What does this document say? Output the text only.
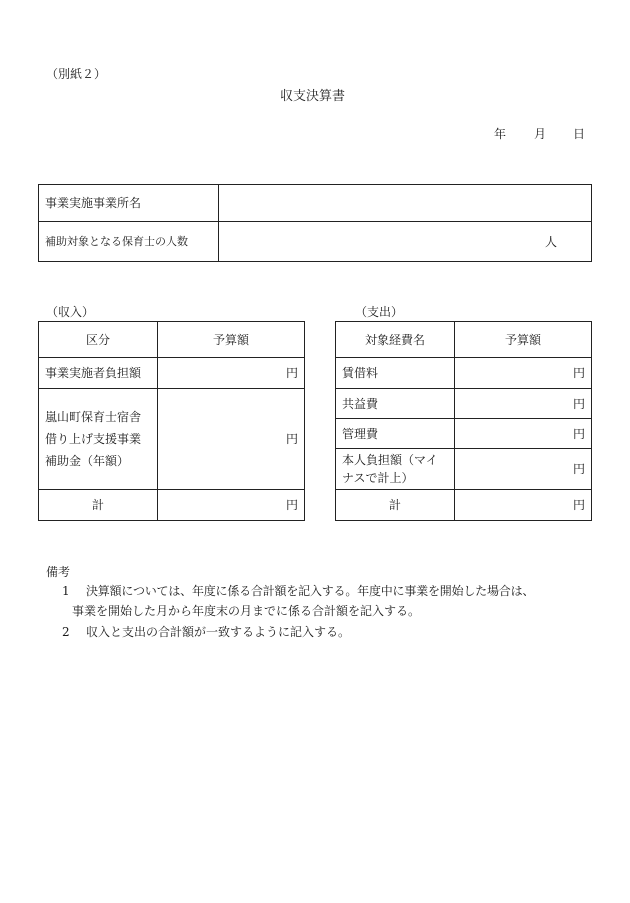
（別紙２）
収支決算書
年 月 日
事業実施事業所名	
補助対象となる保育士の人数	人
（収入）
区分	予算額
事業実施者負担額	円
嵐山町保育士宿舎借り上げ支援事業補助金（年額）	円
計	円
（支出）
対象経費名	予算額
賃借料	円
共益費	円
管理費	円
本人負担額（マイナスで計上）	円
計	円
備考
1 決算額については、年度に係る合計額を記入する。年度中に事業を開始した場合は、
事業を開始した月から年度末の月までに係る合計額を記入する。
2 収入と支出の合計額が一致するように記入する。
